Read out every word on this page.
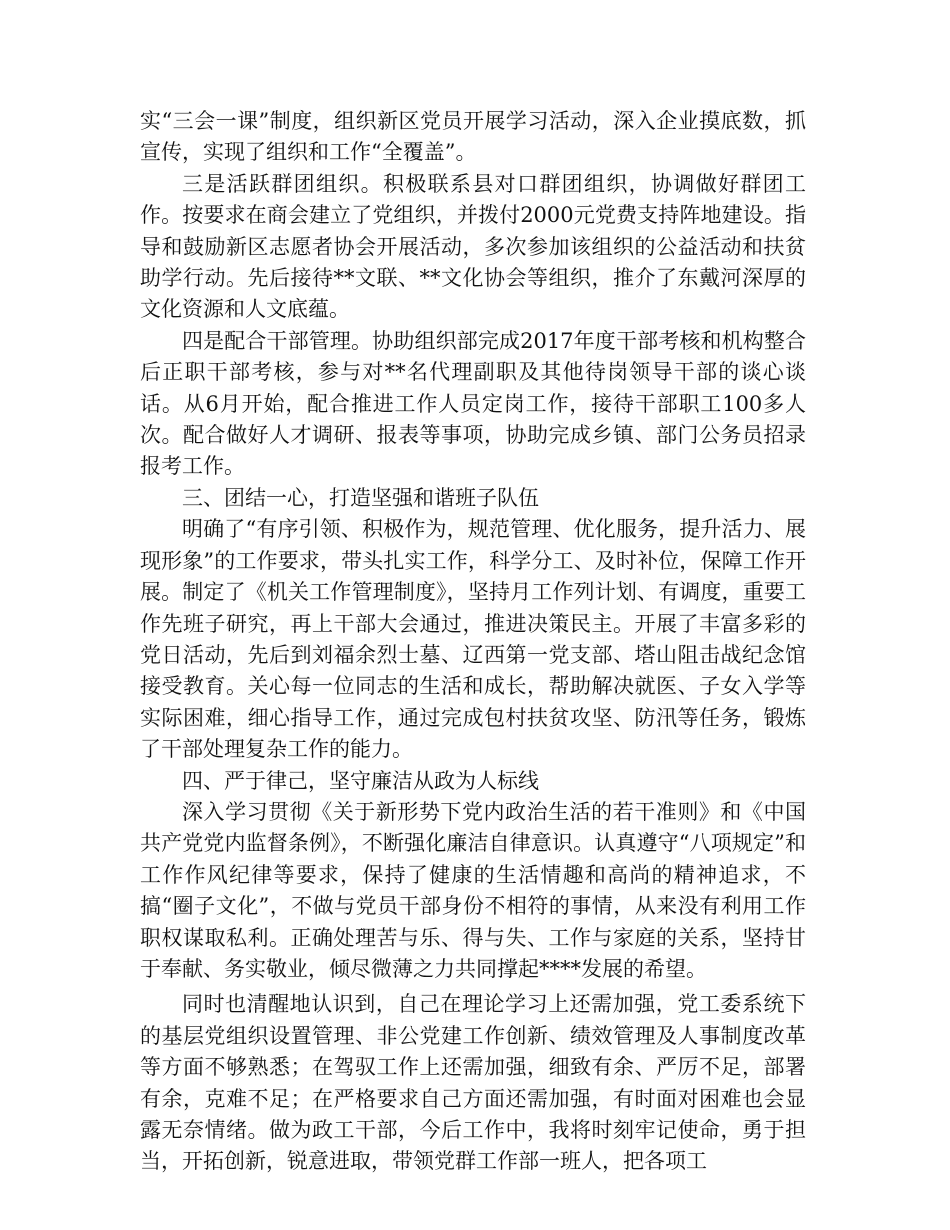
实“三会一课”制度，组织新区党员开展学习活动，深入企业摸底数，抓宣传，实现了组织和工作“全覆盖”。

三是活跃群团组织。积极联系县对口群团组织，协调做好群团工作。按要求在商会建立了党组织，并拨付2000元党费支持阵地建设。指导和鼓励新区志愿者协会开展活动，多次参加该组织的公益活动和扶贫助学行动。先后接待**文联、**文化协会等组织，推介了东戴河深厚的文化资源和人文底蕴。

四是配合干部管理。协助组织部完成2017年度干部考核和机构整合后正职干部考核，参与对**名代理副职及其他待岗领导干部的谈心谈话。从6月开始，配合推进工作人员定岗工作，接待干部职工100多人次。配合做好人才调研、报表等事项，协助完成乡镇、部门公务员招录报考工作。

三、团结一心，打造坚强和谐班子队伍

明确了“有序引领、积极作为，规范管理、优化服务，提升活力、展现形象”的工作要求，带头扎实工作，科学分工、及时补位，保障工作开展。制定了《机关工作管理制度》，坚持月工作列计划、有调度，重要工作先班子研究，再上干部大会通过，推进决策民主。开展了丰富多彩的党日活动，先后到刘福余烈士墓、辽西第一党支部、塔山阻击战纪念馆接受教育。关心每一位同志的生活和成长，帮助解决就医、子女入学等实际困难，细心指导工作，通过完成包村扶贫攻坚、防汛等任务，锻炼了干部处理复杂工作的能力。

四、严于律己，坚守廉洁从政为人标线

深入学习贯彻《关于新形势下党内政治生活的若干准则》和《中国共产党党内监督条例》，不断强化廉洁自律意识。认真遵守“八项规定”和工作作风纪律等要求，保持了健康的生活情趣和高尚的精神追求，不搞“圈子文化”，不做与党员干部身份不相符的事情，从来没有利用工作职权谋取私利。正确处理苦与乐、得与失、工作与家庭的关系，坚持甘于奉献、务实敬业，倾尽微薄之力共同撑起****发展的希望。

同时也清醒地认识到，自己在理论学习上还需加强，党工委系统下的基层党组织设置管理、非公党建工作创新、绩效管理及人事制度改革等方面不够熟悉；在驾驭工作上还需加强，细致有余、严厉不足，部署有余，克难不足；在严格要求自己方面还需加强，有时面对困难也会显露无奈情绪。做为政工干部，今后工作中，我将时刻牢记使命，勇于担当，开拓创新，锐意进取，带领党群工作部一班人，把各项工
